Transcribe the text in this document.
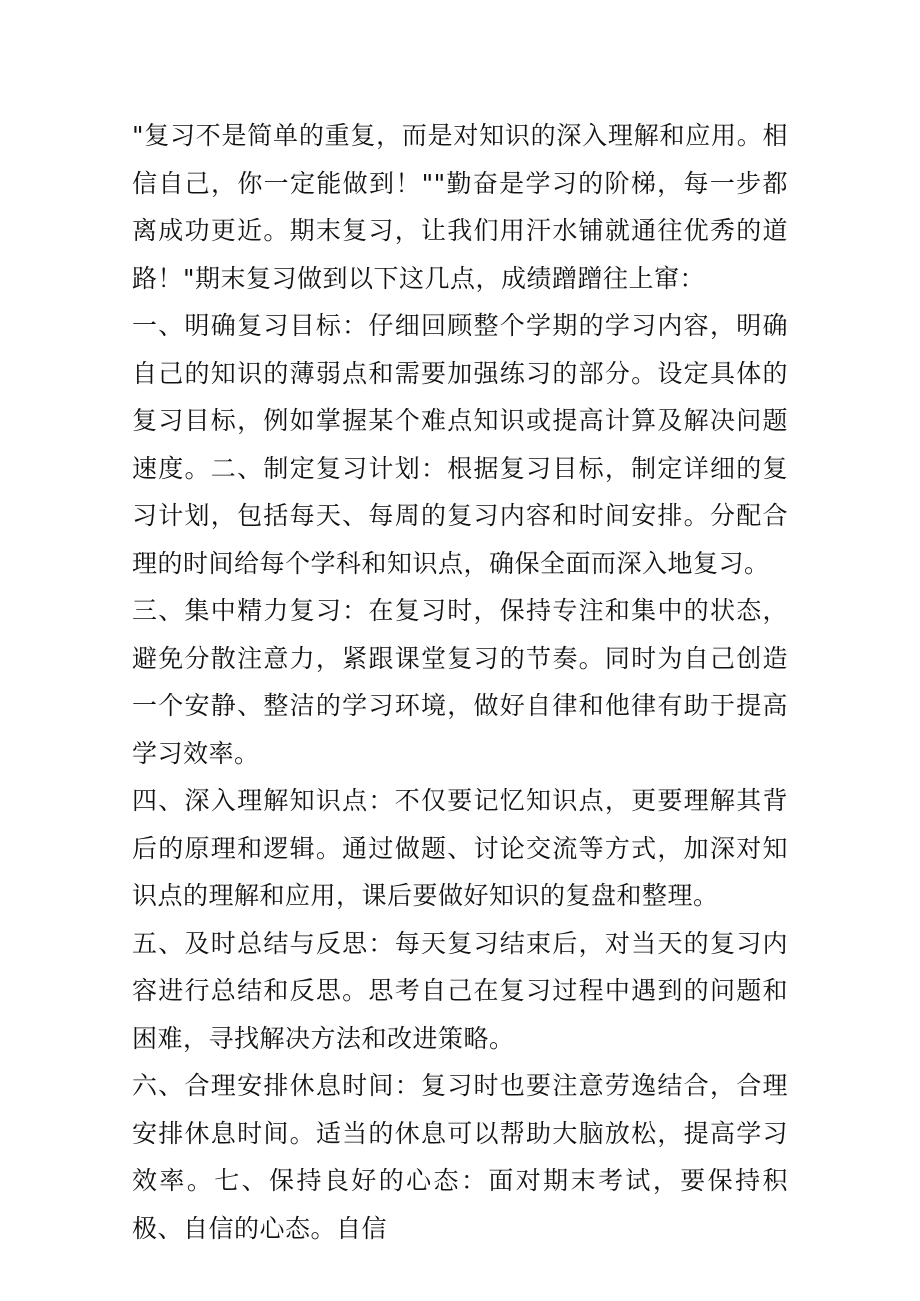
"复习不是简单的重复，而是对知识的深入理解和应用。相信自己，你一定能做到！""勤奋是学习的阶梯，每一步都离成功更近。期末复习，让我们用汗水铺就通往优秀的道路！"期末复习做到以下这几点，成绩蹭蹭往上窜：

一、明确复习目标：仔细回顾整个学期的学习内容，明确自己的知识的薄弱点和需要加强练习的部分。设定具体的复习目标，例如掌握某个难点知识或提高计算及解决问题速度。二、制定复习计划：根据复习目标，制定详细的复习计划，包括每天、每周的复习内容和时间安排。分配合理的时间给每个学科和知识点，确保全面而深入地复习。

三、集中精力复习：在复习时，保持专注和集中的状态，避免分散注意力，紧跟课堂复习的节奏。同时为自己创造一个安静、整洁的学习环境，做好自律和他律有助于提高学习效率。

四、深入理解知识点：不仅要记忆知识点，更要理解其背后的原理和逻辑。通过做题、讨论交流等方式，加深对知识点的理解和应用，课后要做好知识的复盘和整理。

五、及时总结与反思：每天复习结束后，对当天的复习内容进行总结和反思。思考自己在复习过程中遇到的问题和困难，寻找解决方法和改进策略。

六、合理安排休息时间：复习时也要注意劳逸结合，合理安排休息时间。适当的休息可以帮助大脑放松，提高学习效率。七、保持良好的心态：面对期末考试，要保持积极、自信的心态。自信
